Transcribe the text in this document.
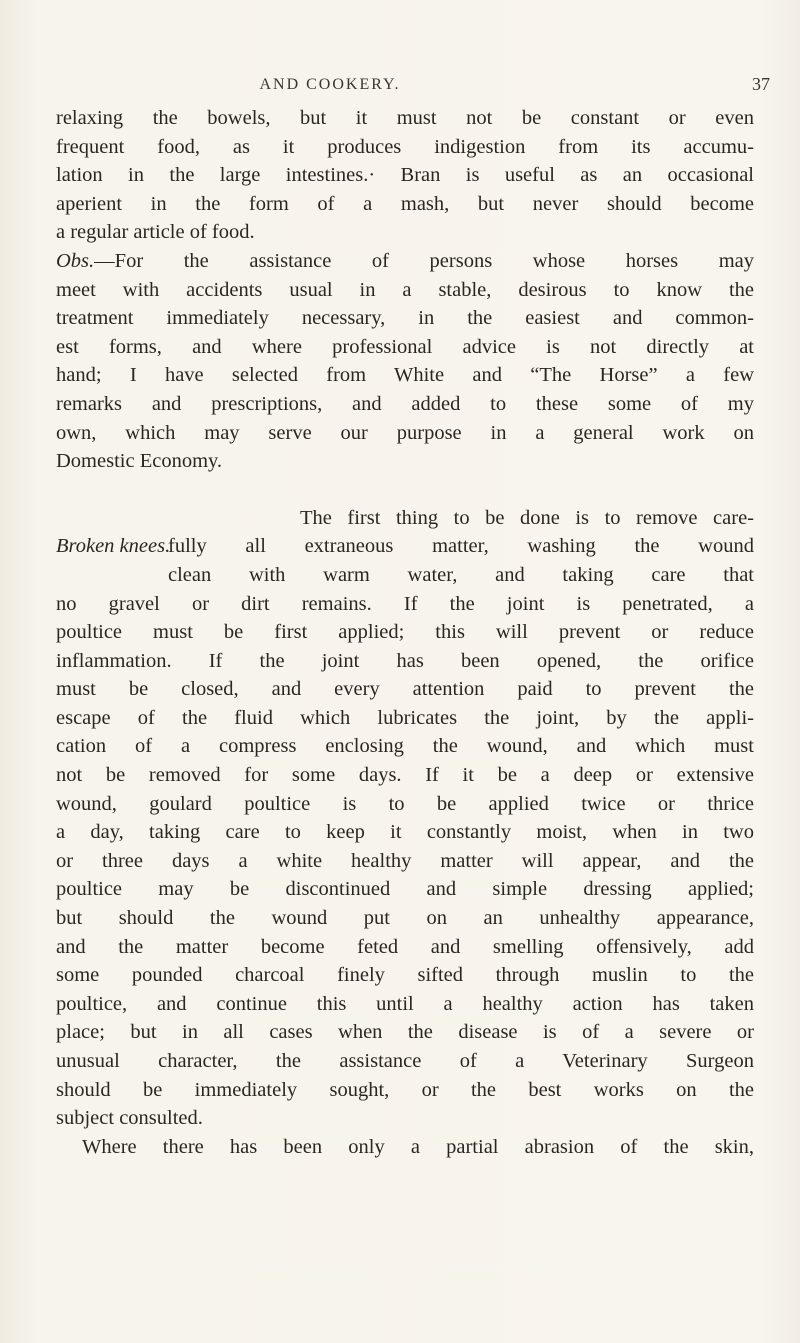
AND COOKERY.	37
relaxing the bowels, but it must not be constant or even
frequent food, as it produces indigestion from its accumu-
lation in the large intestines.· Bran is useful as an occasional
aperient in the form of a mash, but never should become
a regular article of food.
Obs.—For the assistance of persons whose horses may
meet with accidents usual in a stable, desirous to know the
treatment immediately necessary, in the easiest and common-
est forms, and where professional advice is not directly at
hand; I have selected from White and “The Horse” a few
remarks and prescriptions, and added to these some of my
own, which may serve our purpose in a general work on
Domestic Economy.
The first thing to be done is to remove care-
Broken knees.
fully all extraneous matter, washing the wound
clean with warm water, and taking care that
no gravel or dirt remains. If the joint is penetrated, a
poultice must be first applied; this will prevent or reduce
inflammation. If the joint has been opened, the orifice
must be closed, and every attention paid to prevent the
escape of the fluid which lubricates the joint, by the appli-
cation of a compress enclosing the wound, and which must
not be removed for some days. If it be a deep or extensive
wound, goulard poultice is to be applied twice or thrice
a day, taking care to keep it constantly moist, when in two
or three days a white healthy matter will appear, and the
poultice may be discontinued and simple dressing applied;
but should the wound put on an unhealthy appearance,
and the matter become feted and smelling offensively, add
some pounded charcoal finely sifted through muslin to the
poultice, and continue this until a healthy action has taken
place; but in all cases when the disease is of a severe or
unusual character, the assistance of a Veterinary Surgeon
should be immediately sought, or the best works on the
subject consulted.
Where there has been only a partial abrasion of the skin,
